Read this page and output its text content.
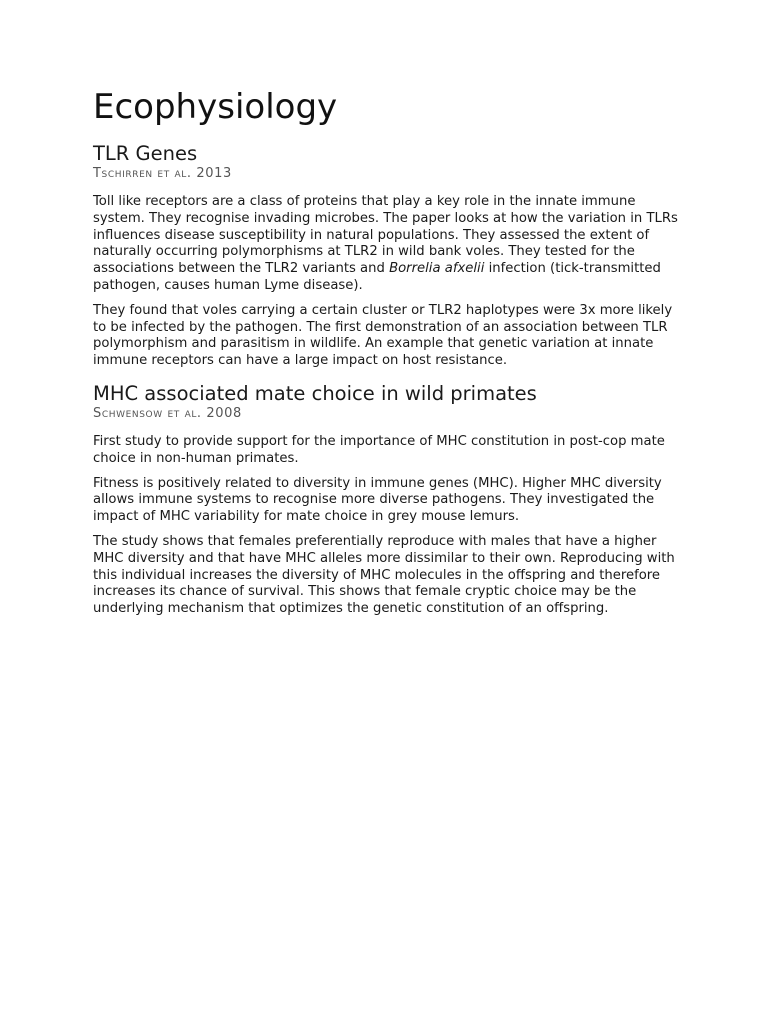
Ecophysiology
TLR Genes
Tschirren et al. 2013

Toll like receptors are a class of proteins that play a key role in the innate immune system. They recognise invading microbes. The paper looks at how the variation in TLRs influences disease susceptibility in natural populations. They assessed the extent of naturally occurring polymorphisms at TLR2 in wild bank voles. They tested for the associations between the TLR2 variants and Borrelia afxelii infection (tick-transmitted pathogen, causes human Lyme disease).

They found that voles carrying a certain cluster or TLR2 haplotypes were 3x more likely to be infected by the pathogen. The first demonstration of an association between TLR polymorphism and parasitism in wildlife. An example that genetic variation at innate immune receptors can have a large impact on host resistance.

MHC associated mate choice in wild primates
Schwensow et al. 2008

First study to provide support for the importance of MHC constitution in post-cop mate choice in non-human primates.

Fitness is positively related to diversity in immune genes (MHC). Higher MHC diversity allows immune systems to recognise more diverse pathogens. They investigated the impact of MHC variability for mate choice in grey mouse lemurs.

The study shows that females preferentially reproduce with males that have a higher MHC diversity and that have MHC alleles more dissimilar to their own. Reproducing with this individual increases the diversity of MHC molecules in the offspring and therefore increases its chance of survival. This shows that female cryptic choice may be the underlying mechanism that optimizes the genetic constitution of an offspring.
